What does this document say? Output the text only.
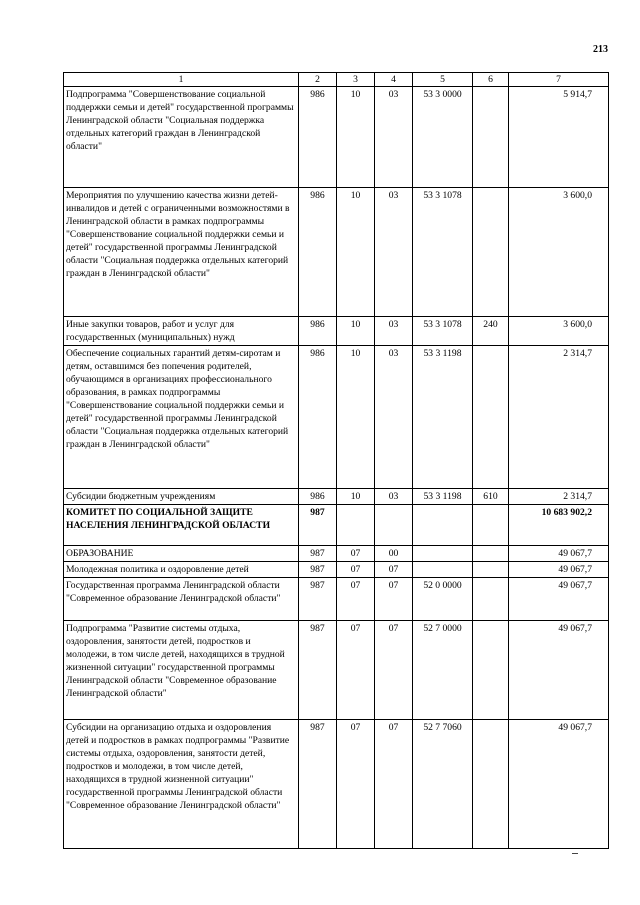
213
1	2	3	4	5	6	7
Подпрограмма "Совершенствование социальной поддержки семьи и детей" государственной программы Ленинградской области "Социальная поддержка отдельных категорий граждан в Ленинградской области"	986	10	03	53 3 0000		5 914,7
Мероприятия по улучшению качества жизни детей-инвалидов и детей с ограниченными возможностями в Ленинградской области в рамках подпрограммы "Совершенствование социальной поддержки семьи и детей" государственной программы Ленинградской области "Социальная поддержка отдельных категорий граждан в Ленинградской области"	986	10	03	53 3 1078		3 600,0
Иные закупки товаров, работ и услуг для государственных (муниципальных) нужд	986	10	03	53 3 1078	240	3 600,0
Обеспечение социальных гарантий детям-сиротам и детям, оставшимся без попечения родителей, обучающимся в организациях профессионального образования, в рамках подпрограммы "Совершенствование социальной поддержки семьи и детей" государственной программы Ленинградской области "Социальная поддержка отдельных категорий граждан в Ленинградской области"	986	10	03	53 3 1198		2 314,7
Субсидии бюджетным учреждениям	986	10	03	53 3 1198	610	2 314,7
КОМИТЕТ ПО СОЦИАЛЬНОЙ ЗАЩИТЕ НАСЕЛЕНИЯ ЛЕНИНГРАДСКОЙ ОБЛАСТИ	987					10 683 902,2
ОБРАЗОВАНИЕ	987	07	00			49 067,7
Молодежная политика и оздоровление детей	987	07	07			49 067,7
Государственная программа Ленинградской области "Современное образование Ленинградской области"	987	07	07	52 0 0000		49 067,7
Подпрограмма "Развитие системы отдыха, оздоровления, занятости детей, подростков и молодежи, в том числе детей, находящихся в трудной жизненной ситуации" государственной программы Ленинградской области "Современное образование Ленинградской области"	987	07	07	52 7 0000		49 067,7
Субсидии на организацию отдыха и оздоровления детей и подростков в рамках подпрограммы "Развитие системы отдыха, оздоровления, занятости детей, подростков и молодежи, в том числе детей, находящихся в трудной жизненной ситуации" государственной программы Ленинградской области "Современное образование Ленинградской области"	987	07	07	52 7 7060		49 067,7
